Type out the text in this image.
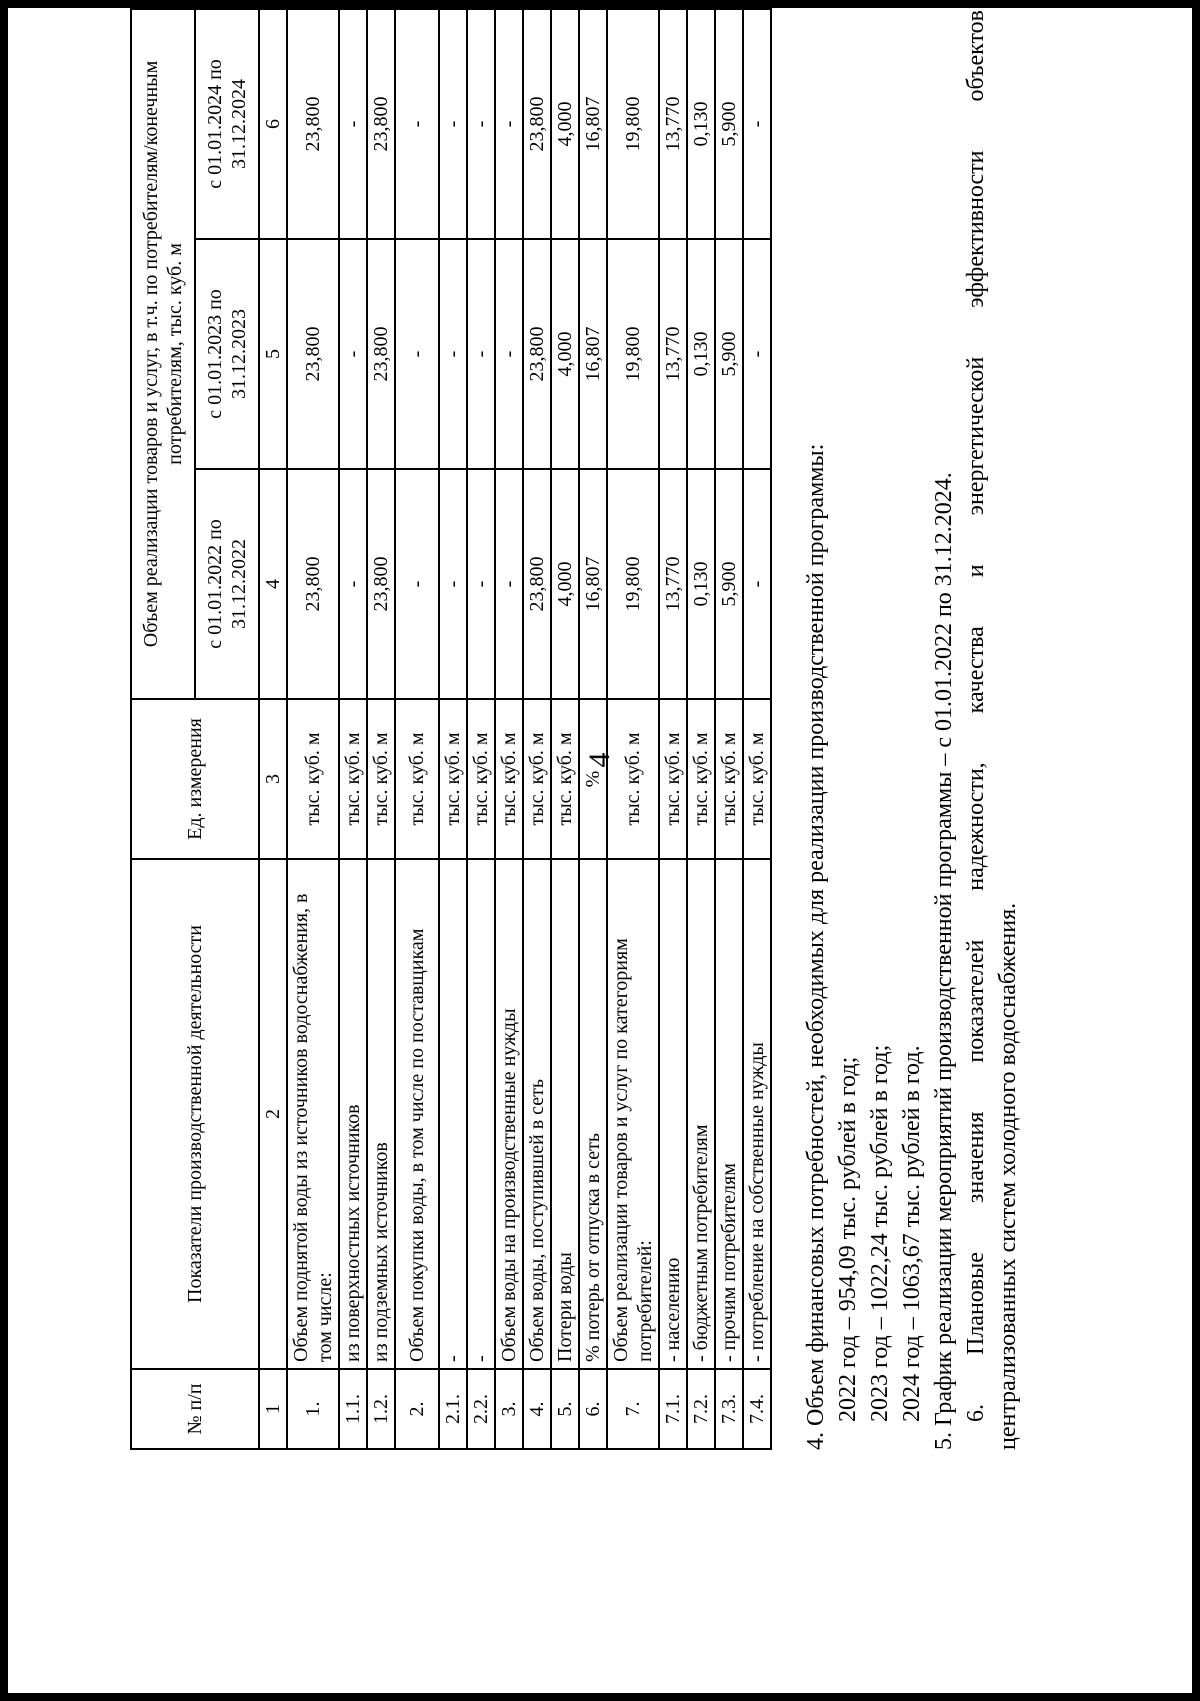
4
№ п/п	Показатели производственной деятельности	Ед. измерения	Объем реализации товаров и услуг, в т.ч. по потребителям/конечным потребителям, тыс. куб. м		
			с 01.01.2022 по 31.12.2022	с 01.01.2023 по 31.12.2023	с 01.01.2024 по 31.12.2024
1	2	3	4	5	6
1.	Объем поднятой воды из источников водоснабжения, в том числе:	тыс. куб. м	23,800	23,800	23,800
1.1.	из поверхностных источников	тыс. куб. м	-	-	-
1.2.	из подземных источников	тыс. куб. м	23,800	23,800	23,800
2.	Объем покупки воды, в том числе по поставщикам	тыс. куб. м	-	-	-
2.1.	-	тыс. куб. м	-	-	-
2.2.	-	тыс. куб. м	-	-	-
3.	Объем воды на производственные нужды	тыс. куб. м	-	-	-
4.	Объем воды, поступившей в сеть	тыс. куб. м	23,800	23,800	23,800
5.	Потери воды	тыс. куб. м	4,000	4,000	4,000
6.	% потерь от отпуска в сеть	%	16,807	16,807	16,807
7.	Объем реализации товаров и услуг по категориям потребителей:	тыс. куб. м	19,800	19,800	19,800
7.1.	- населению	тыс. куб. м	13,770	13,770	13,770
7.2.	- бюджетным потребителям	тыс. куб. м	0,130	0,130	0,130
7.3.	- прочим потребителям	тыс. куб. м	5,900	5,900	5,900
7.4.	- потребление на собственные нужды	тыс. куб. м	-	-	-

4. Объем финансовых потребностей, необходимых для реализации производственной программы: 2022 год – 954,09 тыс. рублей в год; 2023 год – 1022,24 тыс. рублей в год; 2024 год – 1063,67 тыс. рублей в год. 5. График реализации мероприятий производственной программы – с 01.01.2022 по 31.12.2024. 6.
Плановые
значения
показателей
надежности,
качества
и
энергетической
эффективности
объектов

централизованных систем холодного водоснабжения.
